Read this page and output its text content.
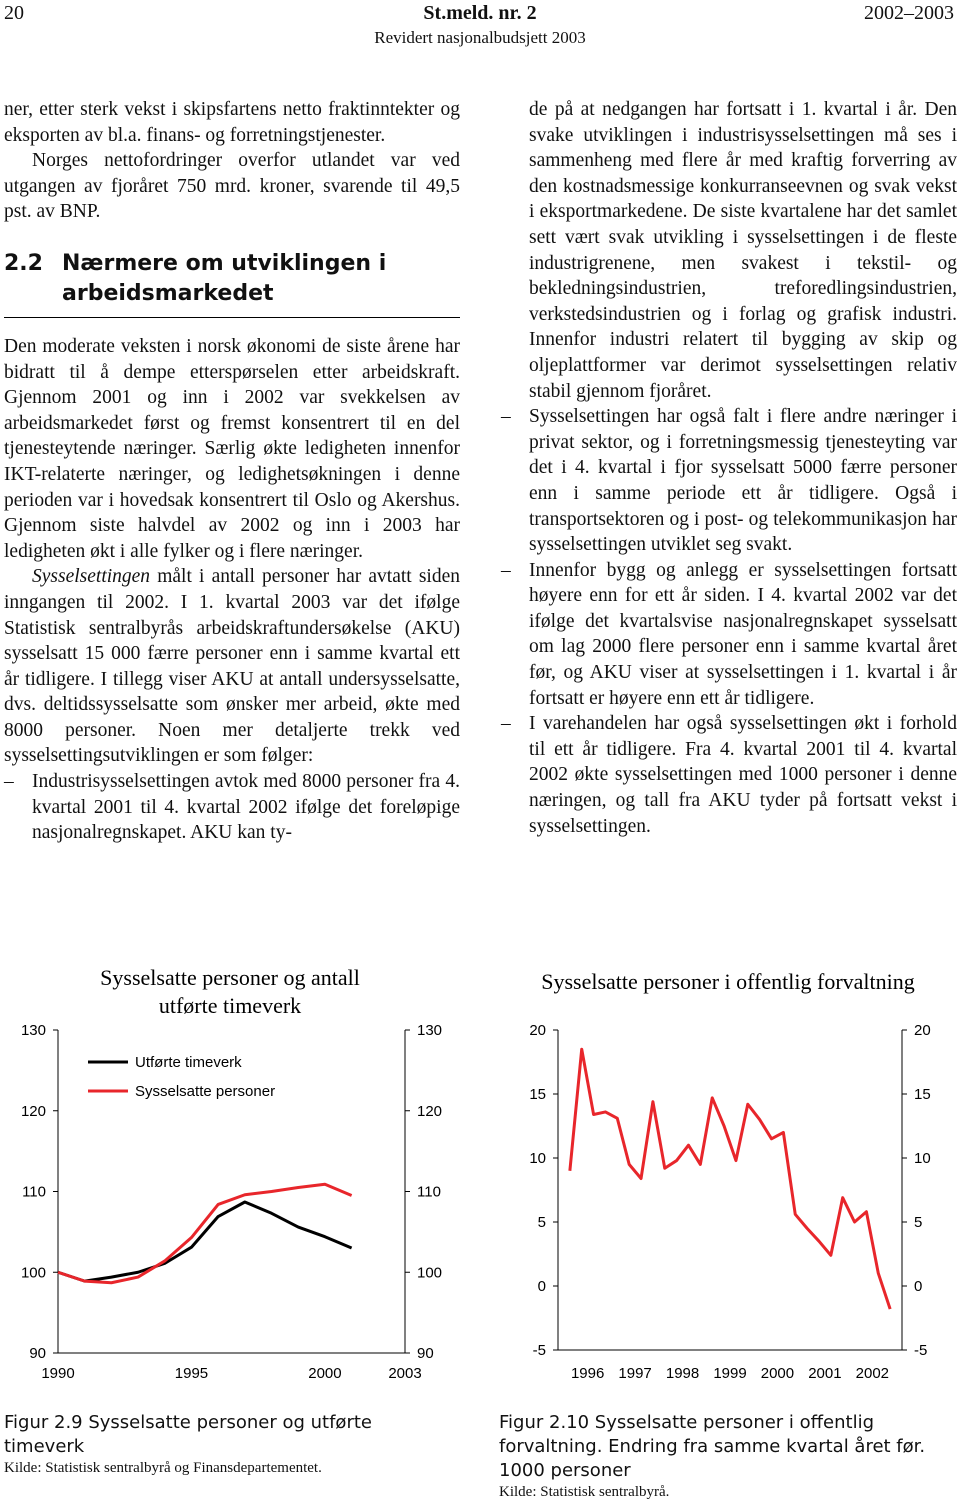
20	St.meld. nr. 2	2002–2003
Revidert nasjonalbudsjett 2003

ner, etter sterk vekst i skipsfartens netto fraktinntekter og eksporten av bl.a. finans- og forretningstjenester.

Norges nettofordringer overfor utlandet var ved utgangen av fjoråret 750 mrd. kroner, svarende til 49,5 pst. av BNP.

2.2 Nærmere om utviklingen i arbeidsmarkedet

Den moderate veksten i norsk økonomi de siste årene har bidratt til å dempe etterspørselen etter arbeidskraft. Gjennom 2001 og inn i 2002 var svekkelsen av arbeidsmarkedet først og fremst konsentrert til en del tjenesteytende næringer. Særlig økte ledigheten innenfor IKT-relaterte næringer, og ledighetsøkningen i denne perioden var i hovedsak konsentrert til Oslo og Akershus. Gjennom siste halvdel av 2002 og inn i 2003 har ledigheten økt i alle fylker og i flere næringer.

Sysselsettingen målt i antall personer har avtatt siden inngangen til 2002. I 1. kvartal 2003 var det ifølge Statistisk sentralbyrås arbeidskraftundersøkelse (AKU) sysselsatt 15 000 færre personer enn i samme kvartal ett år tidligere. I tillegg viser AKU at antall undersysselsatte, dvs. deltidssysselsatte som ønsker mer arbeid, økte med 8000 personer. Noen mer detaljerte trekk ved sysselsettingsutviklingen er som følger:

– Industrisysselsettingen avtok med 8000 personer fra 4. kvartal 2001 til 4. kvartal 2002 ifølge det foreløpige nasjonalregnskapet. AKU kan ty-
de på at nedgangen har fortsatt i 1. kvartal i år. Den svake utviklingen i industrisysselsettingen må ses i sammenheng med flere år med kraftig forverring av den kostnadsmessige konkurranseevnen og svak vekst i eksportmarkedene. De siste kvartalene har det samlet sett vært svak utvikling i sysselsettingen i de fleste industrigrenene, men svakest i tekstil- og bekledningsindustrien, treforedlingsindustrien, verkstedsindustrien og i forlag og grafisk industri. Innenfor industri relatert til bygging av skip og oljeplattformer var derimot sysselsettingen relativ stabil gjennom fjoråret.
– Sysselsettingen har også falt i flere andre næringer i privat sektor, og i forretningsmessig tjenesteyting var det i 4. kvartal i fjor sysselsatt 5000 færre personer enn i samme periode ett år tidligere. Også i transportsektoren og i post- og telekommunikasjon har sysselsettingen utviklet seg svakt.
– Innenfor bygg og anlegg er sysselsettingen fortsatt høyere enn for ett år siden. I 4. kvartal 2002 var det ifølge det kvartalsvise nasjonalregnskapet sysselsatt om lag 2000 flere personer enn i samme kvartal året før, og AKU viser at sysselsettingen i 1. kvartal i år fortsatt er høyere enn ett år tidligere.
– I varehandelen har også sysselsettingen økt i forhold til ett år tidligere. Fra 4. kvartal 2001 til 4. kvartal 2002 økte sysselsettingen med 1000 personer i denne næringen, og tall fra AKU tyder på fortsatt vekst i sysselsettingen.
Sysselsatte personer og antall
utførte timeverk
130	130
120	120
110	110
100	100
90	90
1990	1995	2000	2003
Utførte timeverk
Sysselsatte personer
Sysselsatte personer i offentlig forvaltning
20	20
15	15
10	10
5	5
0	0
-5	-5
1996 1997 1998 1999 2000 2001 2002
Figur 2.9 Sysselsatte personer og utførte timeverk
Kilde: Statistisk sentralbyrå og Finansdepartementet.
Figur 2.10 Sysselsatte personer i offentlig forvaltning. Endring fra samme kvartal året før. 1000 personer
Kilde: Statistisk sentralbyrå.
